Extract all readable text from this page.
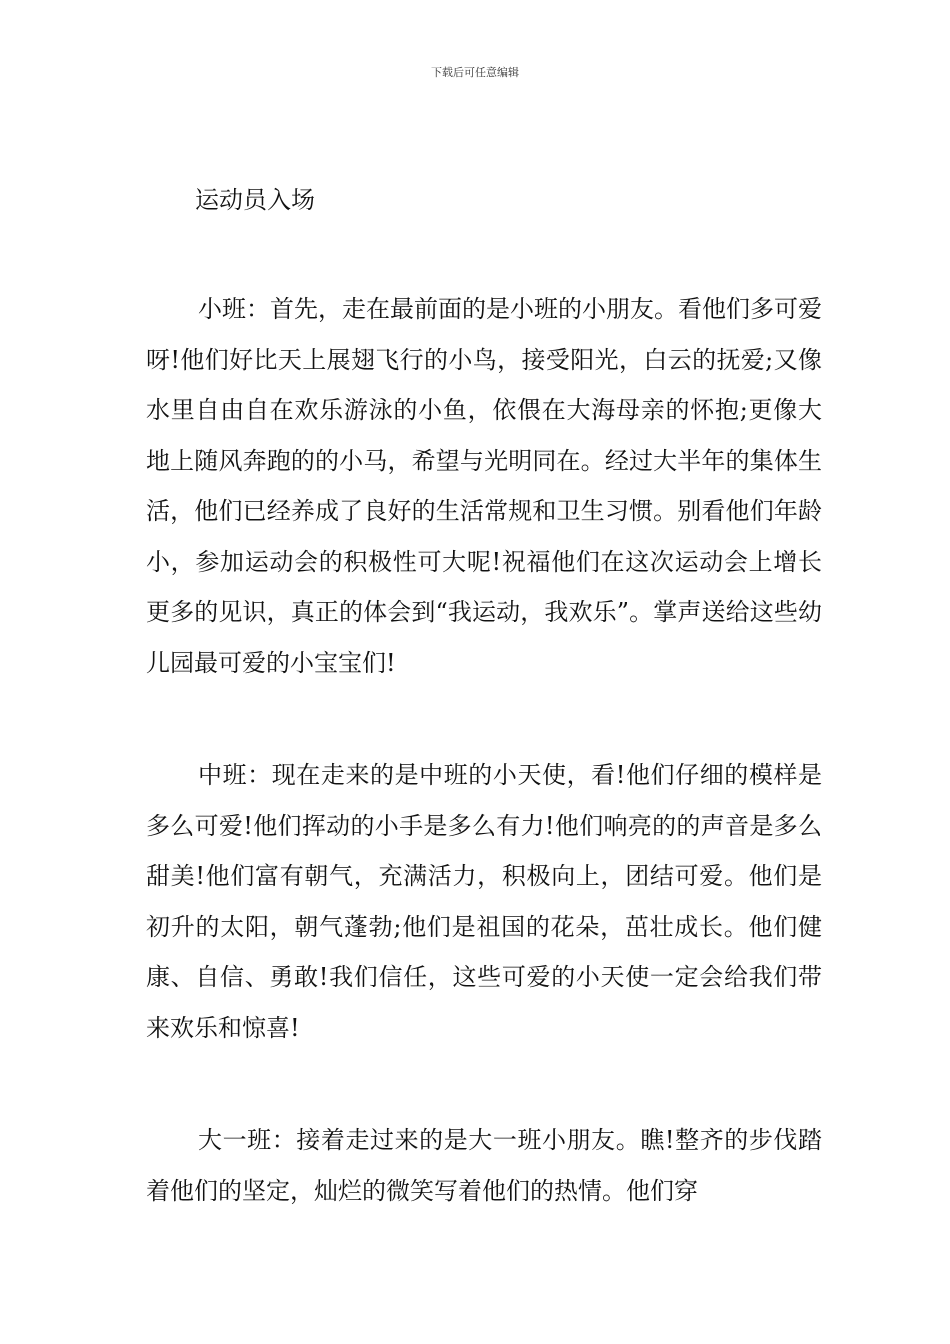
下载后可任意编辑
运动员入场

小班：首先，走在最前面的是小班的小朋友。看他们多可爱呀!他们好比天上展翅飞行的小鸟，接受阳光，白云的抚爱;又像水里自由自在欢乐游泳的小鱼，依偎在大海母亲的怀抱;更像大地上随风奔跑的的小马，希望与光明同在。经过大半年的集体生活，他们已经养成了良好的生活常规和卫生习惯。别看他们年龄小，参加运动会的积极性可大呢!祝福他们在这次运动会上增长更多的见识，真正的体会到“我运动，我欢乐”。掌声送给这些幼儿园最可爱的小宝宝们!

中班：现在走来的是中班的小天使，看!他们仔细的模样是多么可爱!他们挥动的小手是多么有力!他们响亮的的声音是多么甜美!他们富有朝气，充满活力，积极向上，团结可爱。他们是初升的太阳，朝气蓬勃;他们是祖国的花朵，茁壮成长。他们健康、自信、勇敢!我们信任，这些可爱的小天使一定会给我们带来欢乐和惊喜!

大一班：接着走过来的是大一班小朋友。瞧!整齐的步伐踏着他们的坚定，灿烂的微笑写着他们的热情。他们穿
